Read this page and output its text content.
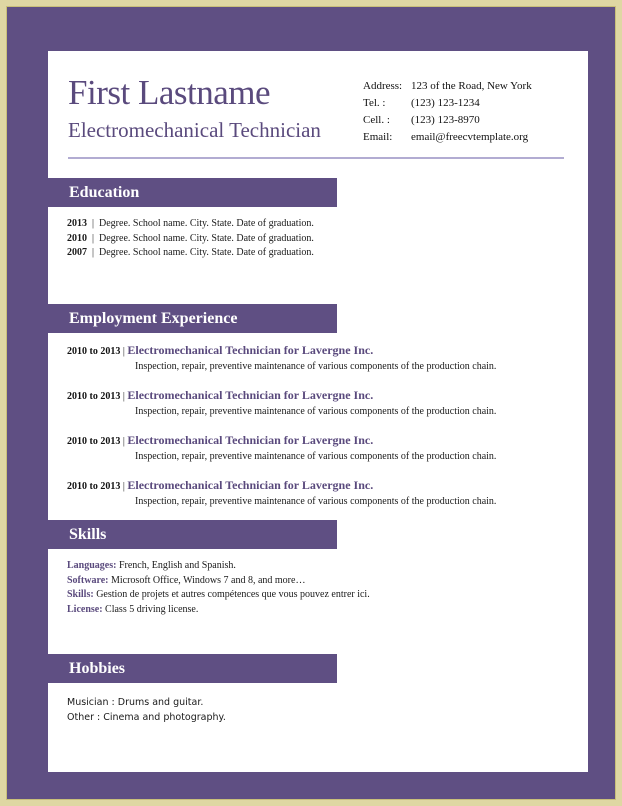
First Lastname
Electromechanical Technician
Address: 123 of the Road, New York
Tel. :	(123) 123-1234
Cell. :	(123) 123-8970
Email:	email@freecvtemplate.org
Education
2013 | Degree. School name. City. State. Date of graduation.
2010 | Degree. School name. City. State. Date of graduation.
2007 | Degree. School name. City. State. Date of graduation.
Employment Experience
2010 to 2013 | Electromechanical Technician for Lavergne Inc.
Inspection, repair, preventive maintenance of various components of the production chain.
2010 to 2013 | Electromechanical Technician for Lavergne Inc.
Inspection, repair, preventive maintenance of various components of the production chain.
2010 to 2013 | Electromechanical Technician for Lavergne Inc.
Inspection, repair, preventive maintenance of various components of the production chain.
2010 to 2013 | Electromechanical Technician for Lavergne Inc.
Inspection, repair, preventive maintenance of various components of the production chain.
Skills
Languages: French, English and Spanish.
Software: Microsoft Office, Windows 7 and 8, and more…
Skills: Gestion de projets et autres compétences que vous pouvez entrer ici.
License: Class 5 driving license.
Hobbies
Musician : Drums and guitar.
Other : Cinema and photography.
